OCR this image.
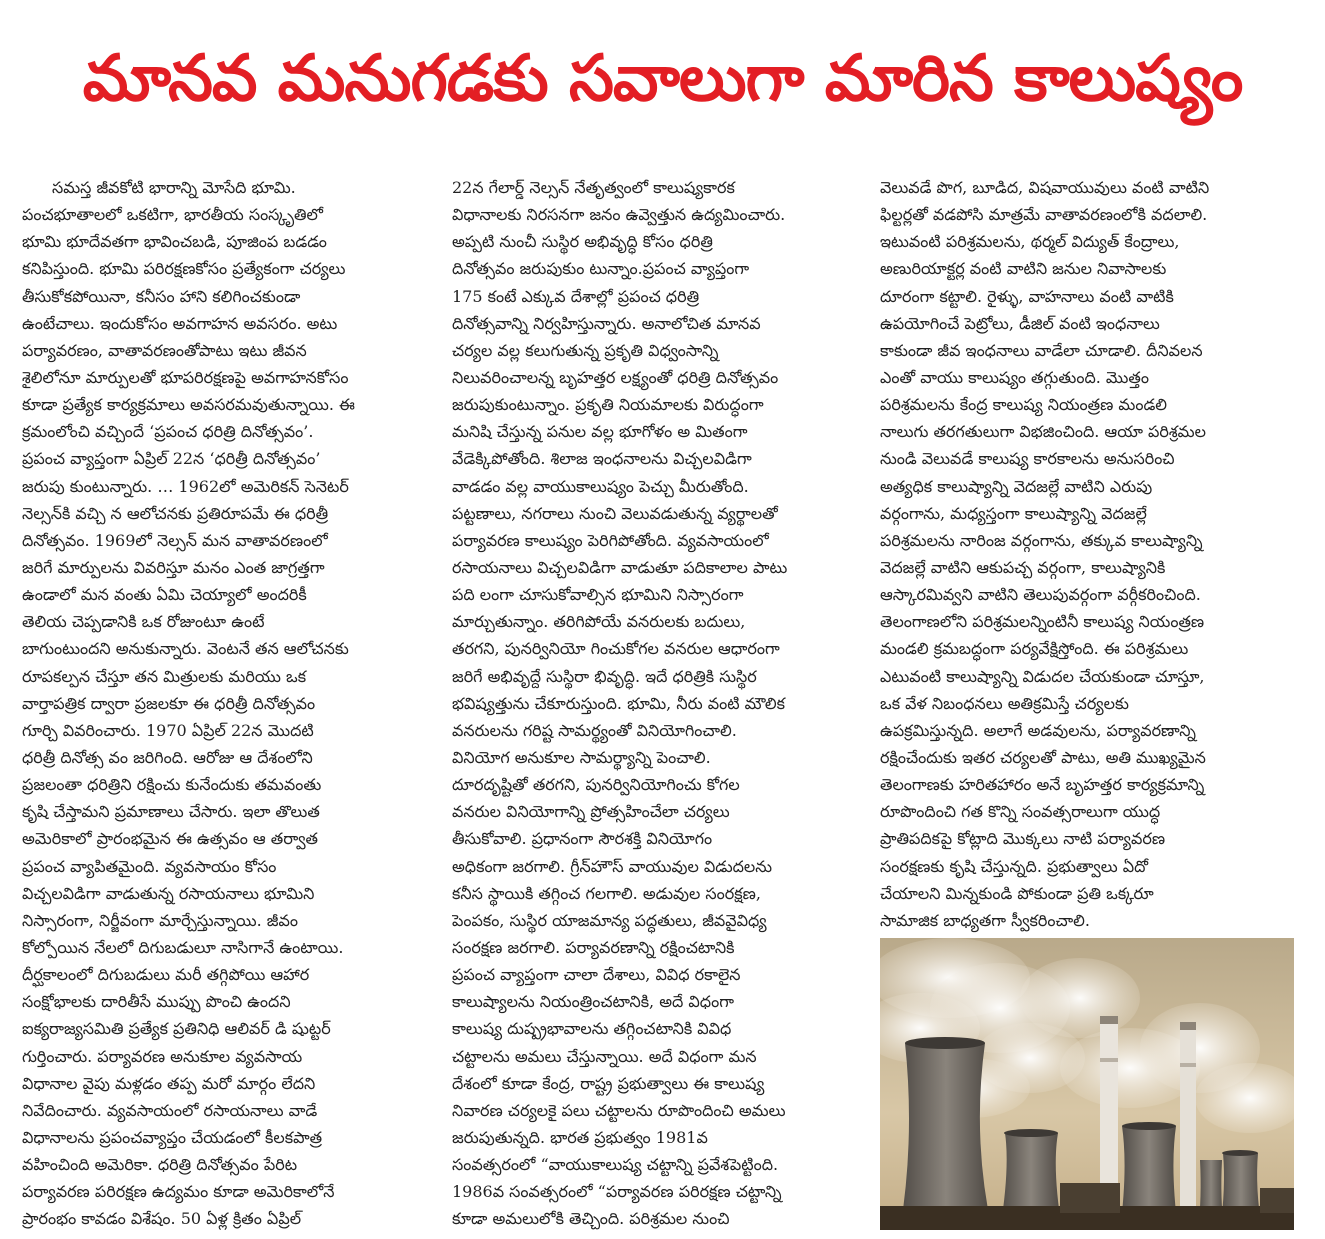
మానవ మనుగడకు సవాలుగా మారిన కాలుష్యం
సమస్త జీవకోటి భారాన్ని మోసేది భూమి.
పంచభూతాలలో ఒకటిగా, భారతీయ సంస్కృతిలో
భూమి భూదేవతగా భావించబడి, పూజింప బడడం
కనిపిస్తుంది. భూమి పరిరక్షణకోసం ప్రత్యేకంగా చర్యలు
తీసుకోకపోయినా, కనీసం హాని కలిగించకుండా
ఉంటేచాలు. ఇందుకోసం అవగాహన అవసరం. అటు
పర్యావరణం, వాతావరణంతోపాటు ఇటు జీవన
శైలిలోనూ మార్పులతో భూపరిరక్షణపై అవగాహనకోసం
కూడా ప్రత్యేక కార్యక్రమాలు అవసరమవుతున్నాయి. ఈ
క్రమంలోంచి వచ్చిందే ‘ప్రపంచ ధరిత్రి దినోత్సవం’.
ప్రపంచ వ్యాప్తంగా ఏప్రిల్ 22న ‘ధరిత్రీ దినోత్సవం’
జరుపు కుంటున్నారు. … 1962లో అమెరికన్ సెనెటర్
నెల్సన్‌కి వచ్చి న ఆలోచనకు ప్రతిరూపమే ఈ ధరిత్రీ
దినోత్సవం. 1969లో నెల్సన్ మన వాతావరణంలో
జరిగే మార్పులను వివరిస్తూ మనం ఎంత జాగ్రత్తగా
ఉండాలో మన వంతు ఏమి చెయ్యాలో అందరికీ
తెలియ చెప్పడానికి ఒక రోజుంటూ ఉంటే
బాగుంటుందని అనుకున్నారు. వెంటనే తన ఆలోచనకు
రూపకల్పన చేస్తూ తన మిత్రులకు మరియు ఒక
వార్తాపత్రిక ద్వారా ప్రజలకూ ఈ ధరిత్రీ దినోత్సవం
గూర్చి వివరించారు. 1970 ఏప్రిల్ 22న మొదటి
ధరిత్రీ దినోత్స వం జరిగింది. ఆరోజు ఆ దేశంలోని
ప్రజలంతా ధరిత్రిని రక్షించు కునేందుకు తమవంతు
కృషి చేస్తామని ప్రమాణాలు చేసారు. ఇలా తొలుత
అమెరికాలో ప్రారంభమైన ఈ ఉత్సవం ఆ తర్వాత
ప్రపంచ వ్యాపితమైంది. వ్యవసాయం కోసం
విచ్చలవిడిగా వాడుతున్న రసాయనాలు భూమిని
నిస్సారంగా, నిర్జీవంగా మార్చేస్తున్నాయి. జీవం
కోల్పోయిన నేలలో దిగుబడులూ నాసిగానే ఉంటాయి.
దీర్ఘకాలంలో దిగుబడులు మరీ తగ్గిపోయి ఆహార
సంక్షోభాలకు దారితీసే ముప్పు పొంచి ఉందని
ఐక్యరాజ్యసమితి ప్రత్యేక ప్రతినిధి ఆలివర్ డి షుట్టర్
గుర్తించారు. పర్యావరణ అనుకూల వ్యవసాయ
విధానాల వైపు మళ్లడం తప్ప మరో మార్గం లేదని
నివేదించారు. వ్యవసాయంలో రసాయనాలు వాడే
విధానాలను ప్రపంచవ్యాప్తం చేయడంలో కీలకపాత్ర
వహించింది అమెరికా. ధరిత్రి దినోత్సవం పేరిట
పర్యావరణ పరిరక్షణ ఉద్యమం కూడా అమెరికాలోనే
ప్రారంభం కావడం విశేషం. 50 ఏళ్ల క్రితం ఏప్రిల్
22న గేలార్డ్ నెల్సన్ నేతృత్వంలో కాలుష్యకారక
విధానాలకు నిరసనగా జనం ఉవ్వెత్తున ఉద్యమించారు.
అప్పటి నుంచీ సుస్థిర అభివృద్ధి కోసం ధరిత్రి
దినోత్సవం జరుపుకుం టున్నాం.ప్రపంచ వ్యాప్తంగా
175 కంటే ఎక్కువ దేశాల్లో ప్రపంచ ధరిత్రి
దినోత్సవాన్ని నిర్వహిస్తున్నారు. అనాలోచిత మానవ
చర్యల వల్ల కలుగుతున్న ప్రకృతి విధ్వంసాన్ని
నిలువరించాలన్న బృహత్తర లక్ష్యంతో ధరిత్రి దినోత్సవం
జరుపుకుంటున్నాం. ప్రకృతి నియమాలకు విరుద్ధంగా
మనిషి చేస్తున్న పనుల వల్ల భూగోళం అ మితంగా
వేడెక్కిపోతోంది. శిలాజ ఇంధనాలను విచ్చలవిడిగా
వాడడం వల్ల వాయుకాలుష్యం పెచ్చు మీరుతోంది.
పట్టణాలు, నగరాలు నుంచి వెలువడుతున్న వ్యర్థాలతో
పర్యావరణ కాలుష్యం పెరిగిపోతోంది. వ్యవసాయంలో
రసాయనాలు విచ్చలవిడిగా వాడుతూ పదికాలాల పాటు
పది లంగా చూసుకోవాల్సిన భూమిని నిస్సారంగా
మార్చుతున్నాం. తరిగిపోయే వనరులకు బదులు,
తరగని, పునర్వినియో గించుకోగల వనరుల ఆధారంగా
జరిగే అభివృద్దే సుస్థిరా భివృద్ధి. ఇదే ధరిత్రికి సుస్థిర
భవిష్యత్తును చేకూరుస్తుంది. భూమి, నీరు వంటి మౌలిక
వనరులను గరిష్ట సామర్థ్యంతో వినియోగించాలి.
వినియోగ అనుకూల సామర్థ్యాన్ని పెంచాలి.
దూరదృష్టితో తరగని, పునర్వినియోగించు కోగల
వనరుల వినియోగాన్ని ప్రోత్సహించేలా చర్యలు
తీసుకోవాలి. ప్రధానంగా సౌరశక్తి వినియోగం
అధికంగా జరగాలి. గ్రీన్‌హౌస్ వాయువుల విడుదలను
కనీస స్థాయికి తగ్గించ గలగాలి. అడువుల సంరక్షణ,
పెంపకం, సుస్థిర యాజమాన్య పద్ధతులు, జీవవైవిధ్య
సంరక్షణ జరగాలి. పర్యావరణాన్ని రక్షించటానికి
ప్రపంచ వ్యాప్తంగా చాలా దేశాలు, వివిధ రకాలైన
కాలుష్యాలను నియంత్రించటానికి, అదే విధంగా
కాలుష్య దుష్ప్రభావాలను తగ్గించటానికి వివిధ
చట్టాలను అమలు చేస్తున్నాయి. అదే విధంగా మన
దేశంలో కూడా కేంద్ర, రాష్ట్ర ప్రభుత్వాలు ఈ కాలుష్య
నివారణ చర్యలకై పలు చట్టాలను రూపొందించి అమలు
జరుపుతున్నది. భారత ప్రభుత్వం 1981వ
సంవత్సరంలో “వాయుకాలుష్య చట్టాన్ని ప్రవేశపెట్టింది.
1986వ సంవత్సరంలో “పర్యావరణ పరిరక్షణ చట్టాన్ని
కూడా అమలులోకి తెచ్చింది. పరిశ్రమల నుంచి
వెలువడే పొగ, బూడిద, విషవాయువులు వంటి వాటిని
ఫిల్టర్లతో వడపోసి మాత్రమే వాతావరణంలోకి వదలాలి.
ఇటువంటి పరిశ్రమలను, థర్మల్ విద్యుత్ కేంద్రాలు,
అణురియాక్టర్ల వంటి వాటిని జనుల నివాసాలకు
దూరంగా కట్టాలి. రైళ్ళు, వాహనాలు వంటి వాటికి
ఉపయోగించే పెట్రోలు, డీజిల్ వంటి ఇంధనాలు
కాకుండా జీవ ఇంధనాలు వాడేలా చూడాలి. దీనివలన
ఎంతో వాయు కాలుష్యం తగ్గుతుంది. మొత్తం
పరిశ్రమలను కేంద్ర కాలుష్య నియంత్రణ మండలి
నాలుగు తరగతులుగా విభజించింది. ఆయా పరిశ్రమల
నుండి వెలువడే కాలుష్య కారకాలను అనుసరించి
అత్యధిక కాలుష్యాన్ని వెదజల్లే వాటిని ఎరుపు
వర్గంగాను, మధ్యస్తంగా కాలుష్యాన్ని వెదజల్లే
పరిశ్రమలను నారింజ వర్గంగాను, తక్కువ కాలుష్యాన్ని
వెదజల్లే వాటిని ఆకుపచ్చ వర్గంగా, కాలుష్యానికి
ఆస్కారమివ్వని వాటిని తెలుపువర్గంగా వర్గీకరించింది.
తెలంగాణలోని పరిశ్రమలన్నింటినీ కాలుష్య నియంత్రణ
మండలి క్రమబద్ధంగా పర్యవేక్షిస్తోంది. ఈ పరిశ్రమలు
ఎటువంటి కాలుష్యాన్ని విడుదల చేయకుండా చూస్తూ,
ఒక వేళ నిబంధనలు అతిక్రమిస్తే చర్యలకు
ఉపక్రమిస్తున్నది. అలాగే అడవులను, పర్యావరణాన్ని
రక్షించేందుకు ఇతర చర్యలతో పాటు, అతి ముఖ్యమైన
తెలంగాణకు హరితహారం అనే బృహత్తర కార్యక్రమాన్ని
రూపొందించి గత కొన్ని సంవత్సరాలుగా యుద్ధ
ప్రాతిపదికపై కోట్లాది మొక్కలు నాటి పర్యావరణ
సంరక్షణకు కృషి చేస్తున్నది. ప్రభుత్వాలు ఏదో
చేయాలని మిన్నకుండి పోకుండా ప్రతి ఒక్కరూ
సామాజిక బాధ్యతగా స్వీకరించాలి.
